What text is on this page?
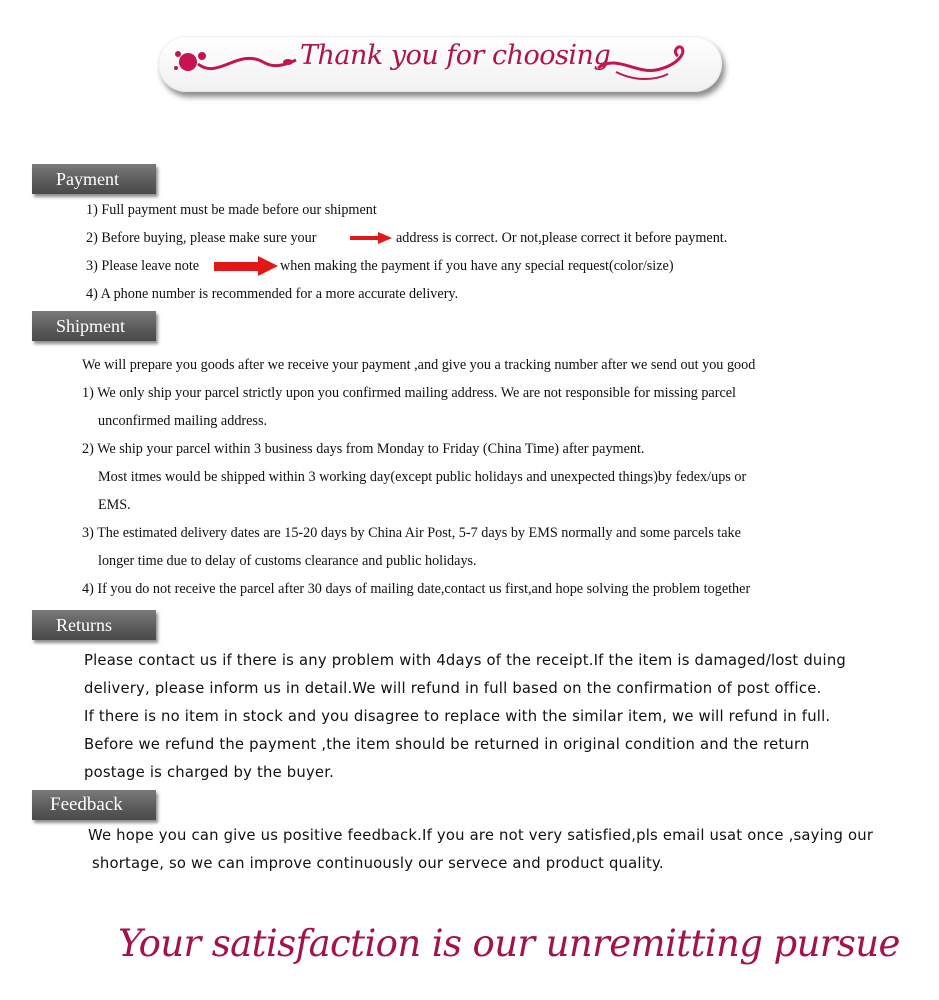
Thank you for choosing
Payment
1) Full payment must be made before our shipment
2) Before buying, please make sure your	address is correct. Or not,please correct it before payment.
3) Please leave note	when making the payment if you have any special request(color/size)
4) A phone number is recommended for a more accurate delivery.
Shipment
We will prepare you goods after we receive your payment ,and give you a tracking number after we send out you good
1) We only ship your parcel strictly upon you confirmed mailing address. We are not responsible for missing parcel
unconfirmed mailing address.
2) We ship your parcel within 3 business days from Monday to Friday (China Time) after payment.
Most itmes would be shipped within 3 working day(except public holidays and unexpected things)by fedex/ups or
EMS.
3) The estimated delivery dates are 15-20 days by China Air Post, 5-7 days by EMS normally and some parcels take
longer time due to delay of customs clearance and public holidays.
4) If you do not receive the parcel after 30 days of mailing date,contact us first,and hope solving the problem together
Returns
Please contact us if there is any problem with 4days of the receipt.If the item is damaged/lost duing
delivery, please inform us in detail.We will refund in full based on the confirmation of post office.
If there is no item in stock and you disagree to replace with the similar item, we will refund in full.
Before we refund the payment ,the item should be returned in original condition and the return
postage is charged by the buyer.
Feedback
We hope you can give us positive feedback.If you are not very satisfied,pls email usat once ,saying our
shortage, so we can improve continuously our servece and product quality.
Your satisfaction is our unremitting pursue
